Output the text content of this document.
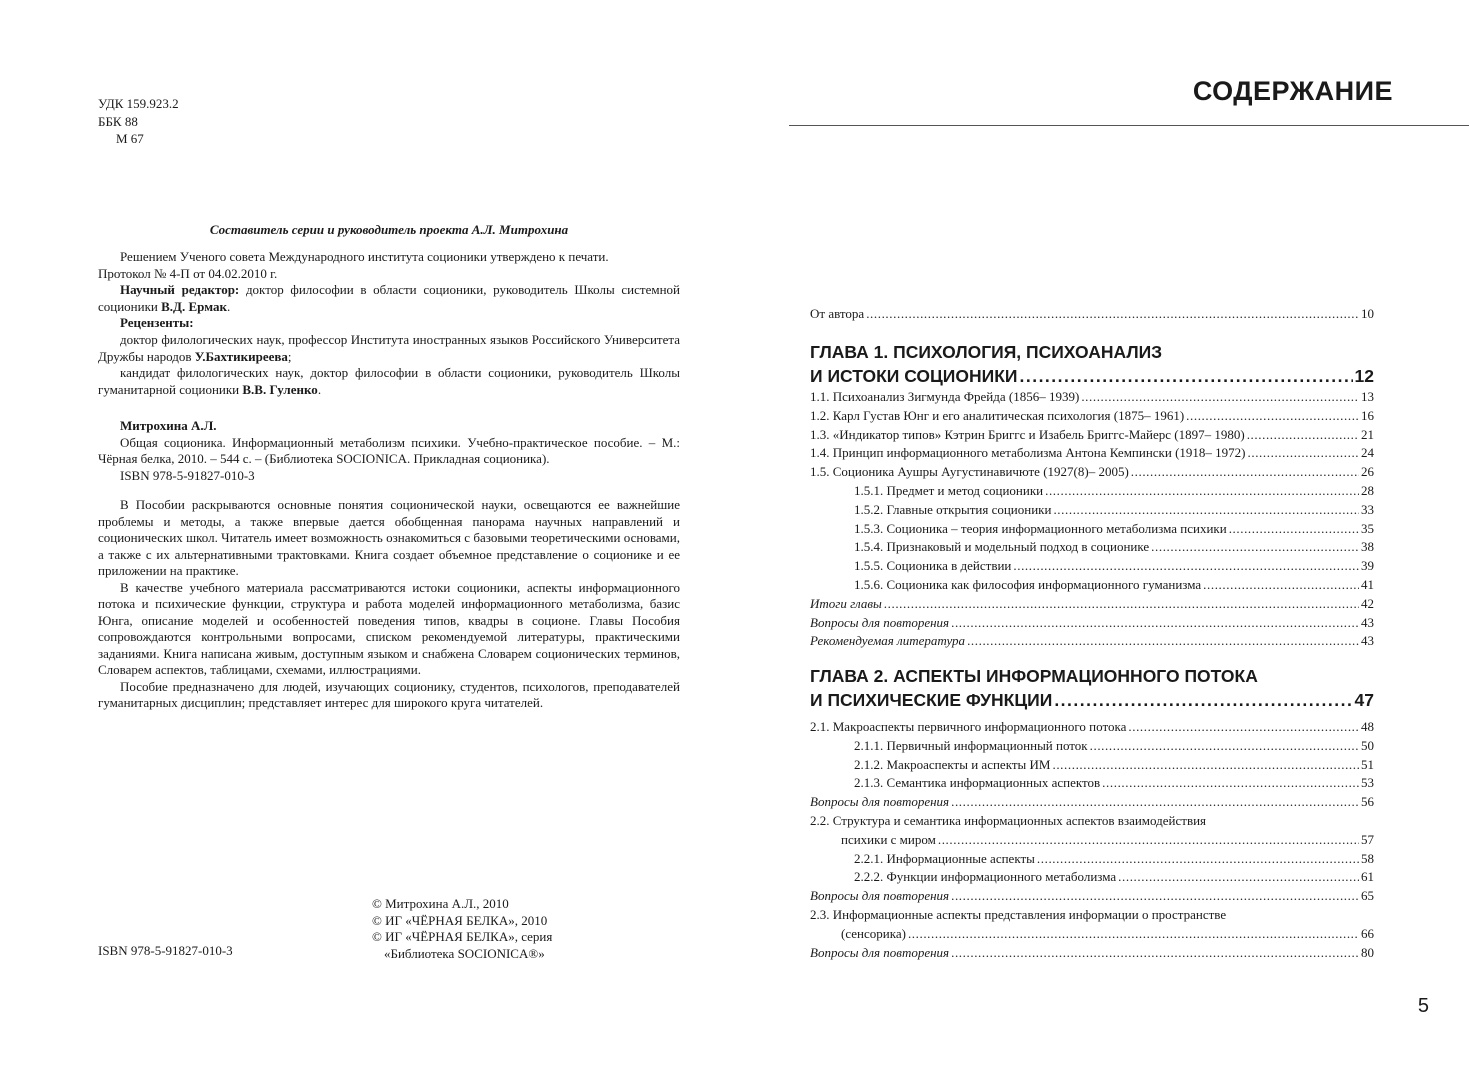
УДК 159.923.2
ББК 88
М 67
Составитель серии и руководитель проекта А.Л. Митрохина

Решением Ученого совета Международного института соционики утверждено к печати.

Протокол № 4-П от 04.02.2010 г.

Научный редактор: доктор философии в области соционики, руководитель Школы системной соционики В.Д. Ермак.

Рецензенты:

доктор филологических наук, профессор Института иностранных языков Российского Университета Дружбы народов У.Бахтикиреева;

кандидат филологических наук, доктор философии в области соционики, руководитель Школы гуманитарной соционики В.В. Гуленко.

Митрохина А.Л.

Общая соционика. Информационный метаболизм психики. Учебно-практическое пособие. – М.: Чёрная белка, 2010. – 544 с. – (Библиотека SOCIONICA. Прикладная соционика).

ISBN 978-5-91827-010-3

В Пособии раскрываются основные понятия соционической науки, освещаются ее важнейшие проблемы и методы, а также впервые дается обобщенная панорама научных направлений и соционических школ. Читатель имеет возможность ознакомиться с базовыми теоретическими основами, а также с их альтернативными трактовками. Книга создает объемное представление о соционике и ее приложении на практике.

В качестве учебного материала рассматриваются истоки соционики, аспекты информационного потока и психические функции, структура и работа моделей информационного метаболизма, базис Юнга, описание моделей и особенностей поведения типов, квадры в соционе. Главы Пособия сопровождаются контрольными вопросами, списком рекомендуемой литературы, практическими заданиями. Книга написана живым, доступным языком и снабжена Словарем соционических терминов, Словарем аспектов, таблицами, схемами, иллюстрациями.

Пособие предназначено для людей, изучающих соционику, студентов, психологов, преподавателей гуманитарных дисциплин; представляет интерес для широкого круга читателей.

© Митрохина А.Л., 2010
© ИГ «ЧЁРНАЯ БЕЛКА», 2010
© ИГ «ЧЁРНАЯ БЕЛКА», серия
«Библиотека SOCIONICA®»
ISBN 978-5-91827-010-3
СОДЕРЖАНИЕ
От автора .....	10
ГЛАВА 1. ПСИХОЛОГИЯ, ПСИХОАНАЛИЗ
И ИСТОКИ СОЦИОНИКИ .....	12
1.1. Психоанализ Зигмунда Фрейда (1856– 1939) .....	13
1.2. Карл Густав Юнг и его аналитическая психология (1875– 1961) .....	16
1.3. «Индикатор типов» Кэтрин Бриггс и Изабель Бриггс-Майерс (1897– 1980) .....	21
1.4. Принцип информационного метаболизма Антона Кемпински (1918– 1972) .....	24
1.5. Соционика Аушры Аугустинавичюте (1927(8)– 2005) .....	26
1.5.1. Предмет и метод соционики .....	28
1.5.2. Главные открытия соционики .....	33
1.5.3. Соционика – теория информационного метаболизма психики .....	35
1.5.4. Признаковый и модельный подход в соционике .....	38
1.5.5. Соционика в действии .....	39
1.5.6. Соционика как философия информационного гуманизма .....	41
Итоги главы .....	42
Вопросы для повторения .....	43
Рекомендуемая литература .....	43
ГЛАВА 2. АСПЕКТЫ ИНФОРМАЦИОННОГО ПОТОКА
И ПСИХИЧЕСКИЕ ФУНКЦИИ .....	47
2.1. Макроаспекты первичного информационного потока .....	48
2.1.1. Первичный информационный поток .....	50
2.1.2. Макроаспекты и аспекты ИМ .....	51
2.1.3. Семантика информационных аспектов .....	53
Вопросы для повторения .....	56
2.2. Структура и семантика информационных аспектов взаимодействия
психики с миром .....	57
2.2.1. Информационные аспекты .....	58
2.2.2. Функции информационного метаболизма .....	61
Вопросы для повторения .....	65
2.3. Информационные аспекты представления информации о пространстве
(сенсорика) .....	66
Вопросы для повторения .....	80
5
